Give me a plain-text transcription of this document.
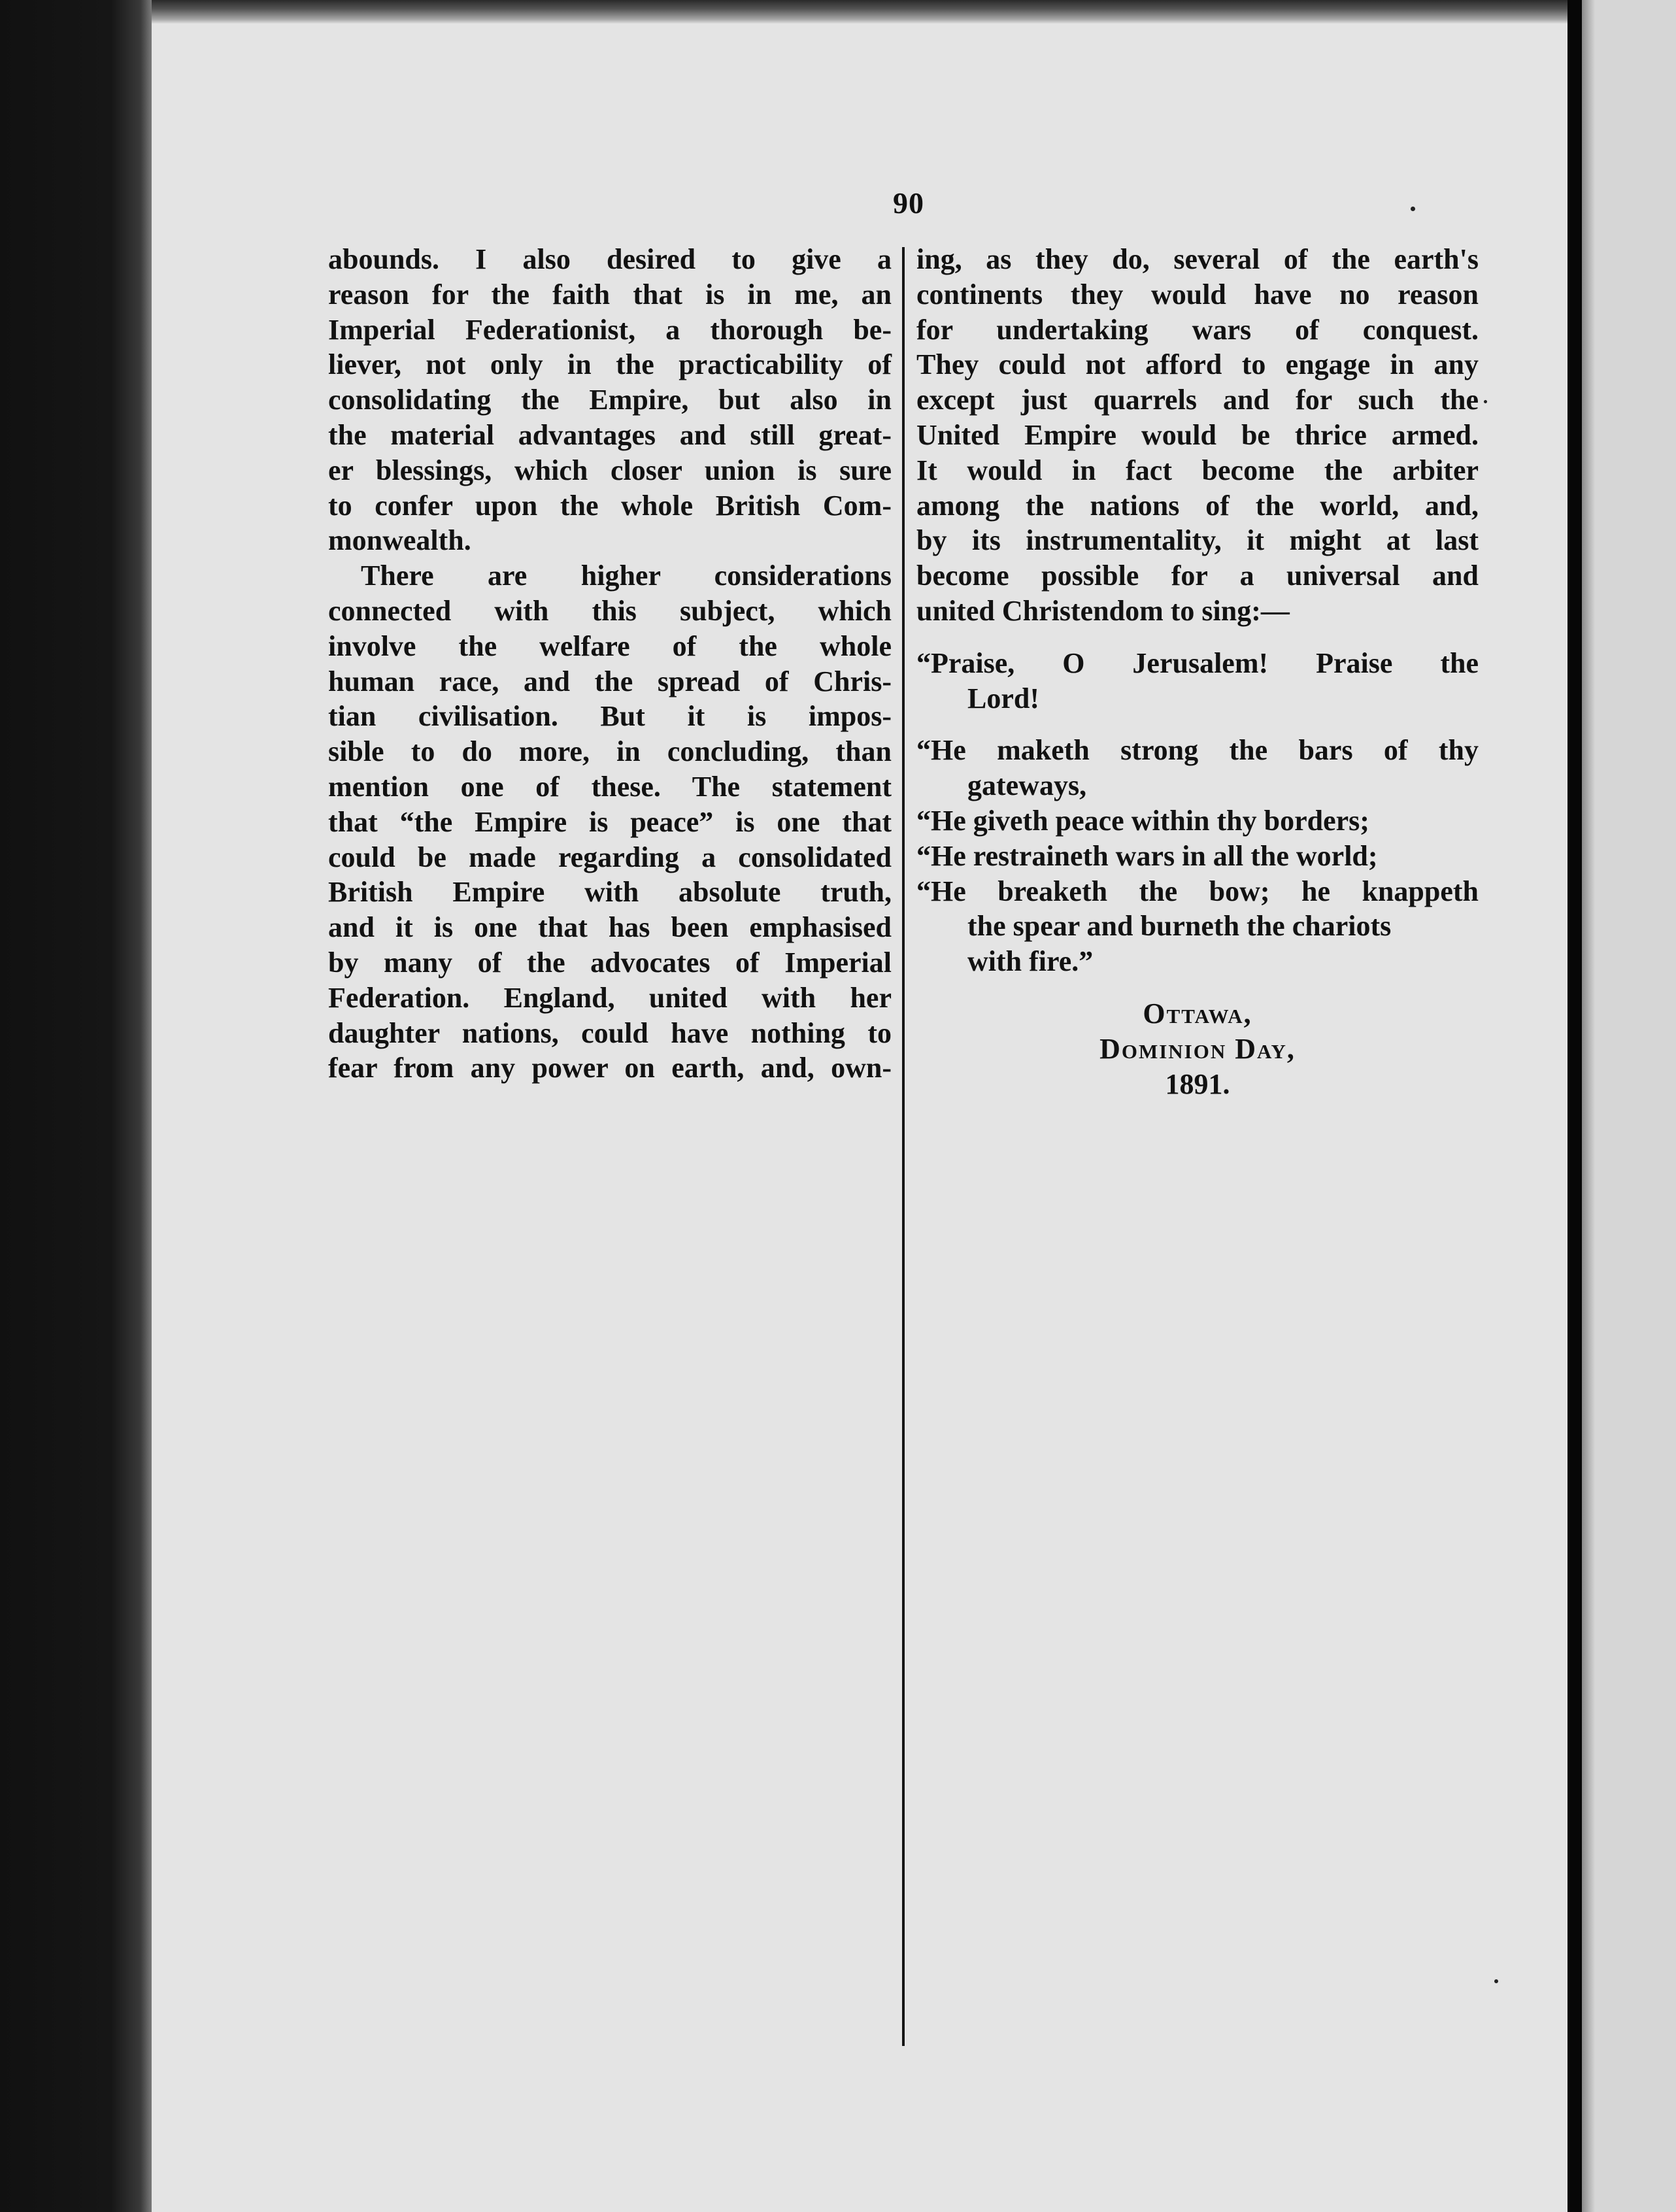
90

abounds. I also desired to give a
reason for the faith that is in me, an
Imperial Federationist, a thorough be-
liever, not only in the practicability of
consolidating the Empire, but also in
the material advantages and still great-
er blessings, which closer union is sure
to confer upon the whole British Com-
monwealth.

There are higher considerations
connected with this subject, which
involve the welfare of the whole
human race, and the spread of Chris-
tian civilisation. But it is impos-
sible to do more, in concluding, than
mention one of these. The statement
that “the Empire is peace” is one that
could be made regarding a consolidated
British Empire with absolute truth,
and it is one that has been emphasised
by many of the advocates of Imperial
Federation. England, united with her
daughter nations, could have nothing to
fear from any power on earth, and, own-

ing, as they do, several of the earth's
continents they would have no reason
for undertaking wars of conquest.
They could not afford to engage in any
except just quarrels and for such the
United Empire would be thrice armed.
It would in fact become the arbiter
among the nations of the world, and,
by its instrumentality, it might at last
become possible for a universal and
united Christendom to sing:—

“Praise, O Jerusalem! Praise the
Lord!
“He maketh strong the bars of thy
gateways,
“He giveth peace within thy borders;
“He restraineth wars in all the world;
“He breaketh the bow; he knappeth
the spear and burneth the chariots
with fire.”
Ottawa,
Dominion Day,
1891.
